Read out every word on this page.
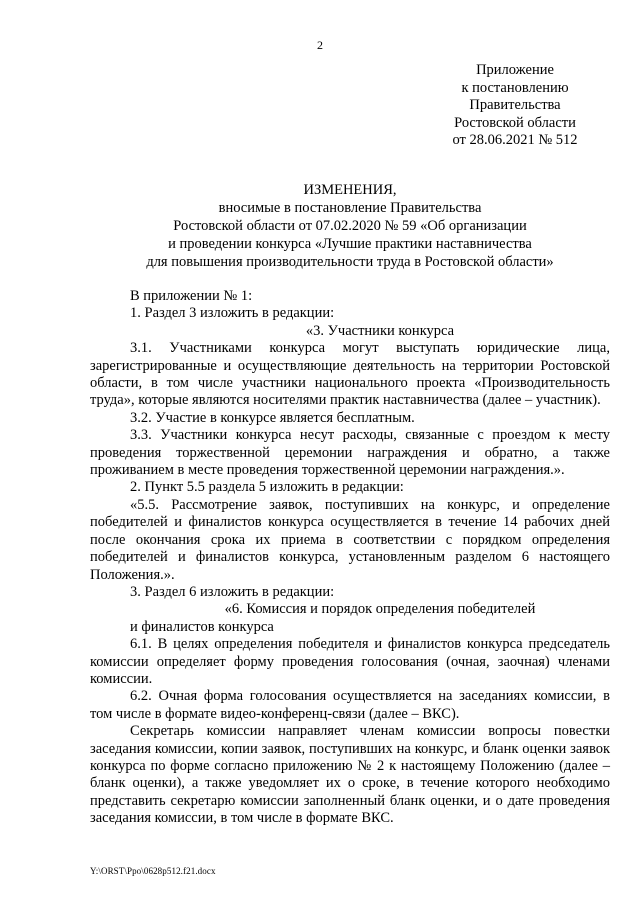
2
Приложение
к постановлению
Правительства
Ростовской области
от 28.06.2021 № 512
ИЗМЕНЕНИЯ,
вносимые в постановление Правительства
Ростовской области от 07.02.2020 № 59 «Об организации
и проведении конкурса «Лучшие практики наставничества
для повышения производительности труда в Ростовской области»

В приложении № 1:

1. Раздел 3 изложить в редакции:

«3. Участники конкурса

3.1. Участниками конкурса могут выступать юридические лица, зарегистрированные и осуществляющие деятельность на территории Ростовской области, в том числе участники национального проекта «Производительность труда», которые являются носителями практик наставничества (далее – участник).

3.2. Участие в конкурсе является бесплатным.

3.3. Участники конкурса несут расходы, связанные с проездом к месту проведения торжественной церемонии награждения и обратно, а также проживанием в месте проведения торжественной церемонии награждения.».

2. Пункт 5.5 раздела 5 изложить в редакции:

«5.5. Рассмотрение заявок, поступивших на конкурс, и определение победителей и финалистов конкурса осуществляется в течение 14 рабочих дней после окончания срока их приема в соответствии с порядком определения победителей и финалистов конкурса, установленным разделом 6 настоящего Положения.».

3. Раздел 6 изложить в редакции:

«6. Комиссия и порядок определения победителей

и финалистов конкурса

6.1. В целях определения победителя и финалистов конкурса председатель комиссии определяет форму проведения голосования (очная, заочная) членами комиссии.

6.2. Очная форма голосования осуществляется на заседаниях комиссии, в том числе в формате видео-конференц-связи (далее – ВКС).

Секретарь комиссии направляет членам комиссии вопросы повестки заседания комиссии, копии заявок, поступивших на конкурс, и бланк оценки заявок конкурса по форме согласно приложению № 2 к настоящему Положению (далее – бланк оценки), а также уведомляет их о сроке, в течение которого необходимо представить секретарю комиссии заполненный бланк оценки, и о дате проведения заседания комиссии, в том числе в формате ВКС.

Y:\ORST\Ppo\0628p512.f21.docx
